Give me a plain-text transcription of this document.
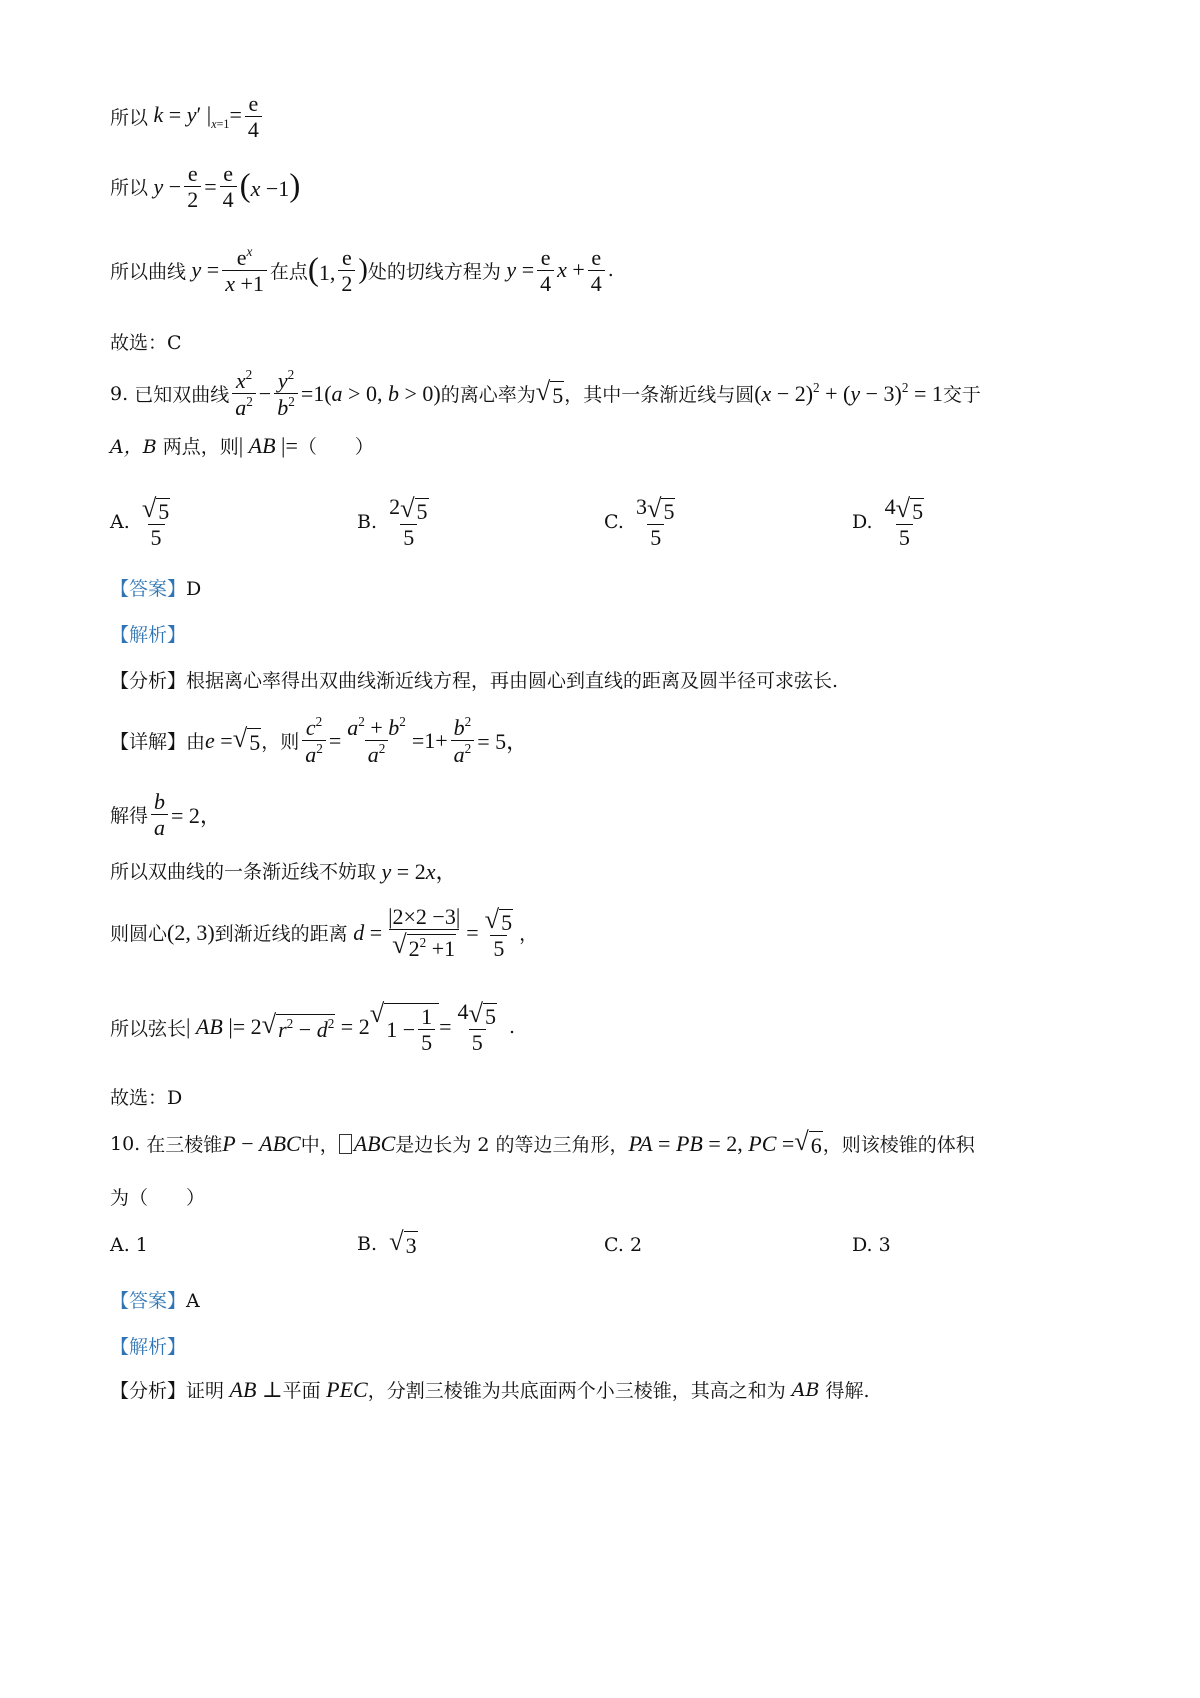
所以 k = y′ $|_{x=1}= \frac{e}{4}$
所以 $y - \frac{e}{2} = \frac{e}{4} (x -1)$
所以曲线 $y = \frac{e^x}{x +1}$ 在点 (1, $\frac{e}{2}$ ) 处的切线方程为 $y = \frac{e}{4}$ $x + \frac{e}{4}$ .
故选：C
9.
已知双曲线 $\frac{x^2}{a^2} - \frac{y^2}{b^2} =1(a > 0$, b > 0) 的离心率为 √ 5 ，其中一条渐近线与圆 $(x - 2)^2 + (y - 3)^2 = 1$ 交于
A，B
两点，则 | AB |= （　　）
A.
$\frac{√ 5}{5}$	B.
$\frac{2 √ 5}{5}$	C.
$\frac{3 √ 5}{5}$	D.
$\frac{4 √ 5}{5}$
【答案】D
【解析】
【分析】根据离心率得出双曲线渐近线方程，再由圆心到直线的距离及圆半径可求弦长.
【详解】 由 e = √ 5 ，则 $\frac{c^2}{a^2} = \frac{a^2 + b^2}{a^2} =1+ \frac{b^2}{a^2} = 5$，
解得 $\frac{b}{a} = 2$，
所以双曲线的一条渐近线不妨取 y = 2x，
则圆心 (2, 3) 到渐近线的距离 $d = \frac{|2\times 2 -3|}{√ 2^2 +1} = \frac{√ 5}{5}$ ，
所以弦长 | AB |= 2 √ $r^2 - d^2 = 2$ √
$1 - \frac{1}{5} = \frac{4 √ 5}{5}$ .
故选：D
10.
在三棱锥 P − ABC 中， ABC 是边长为 2 的等边三角形， PA = PB = 2, PC = √ 6 ，则该棱锥的体积
为（　　）
A. 1	B.
√ 3	C. 2	D. 3
【答案】A
【解析】
【分析】 证明 AB ⊥ 平面 PEC ，分割三棱锥为共底面两个小三棱锥，其高之和为 AB 得解.
